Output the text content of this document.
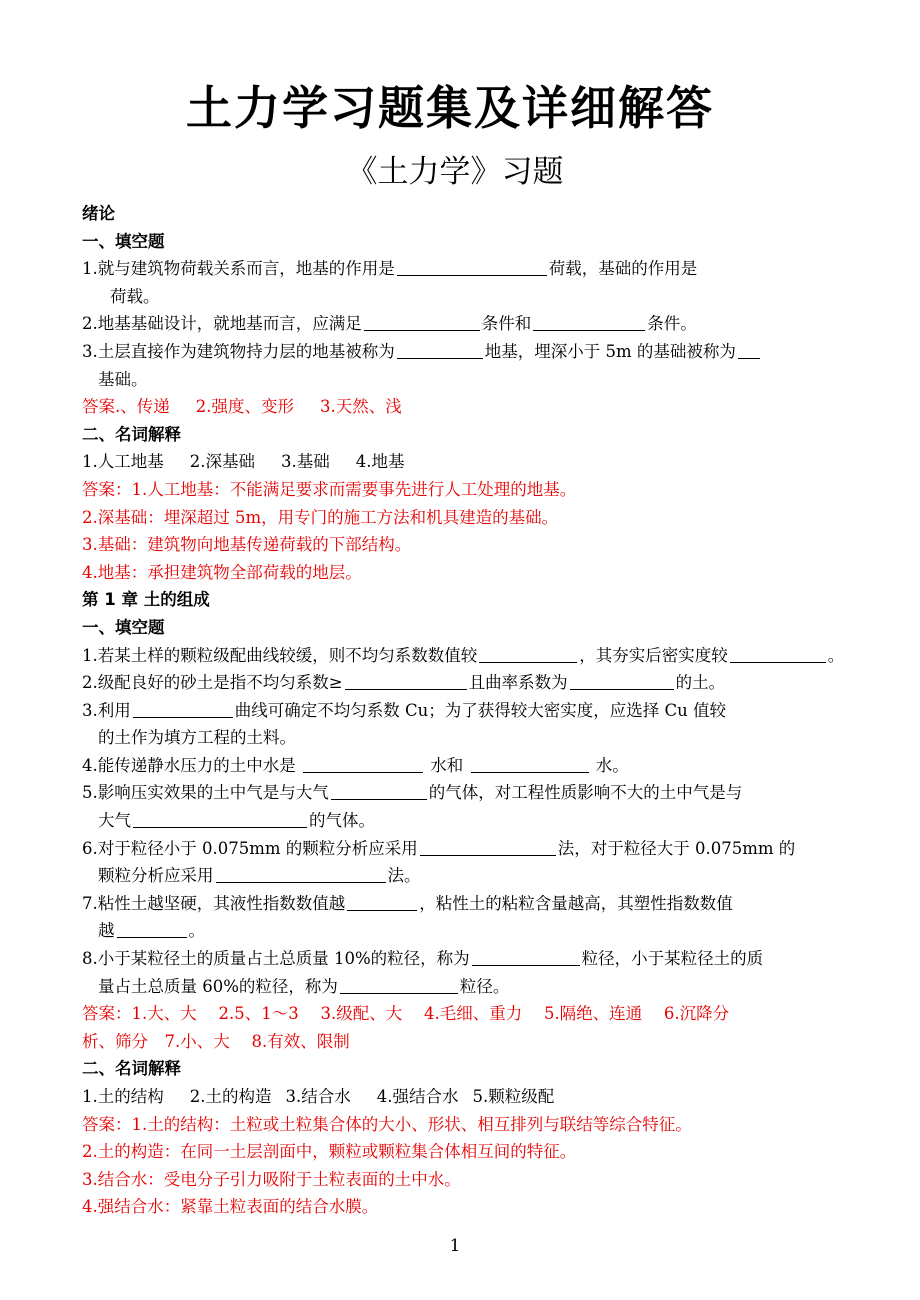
土力学习题集及详细解答
《土力学》习题
绪论
一、填空题
1.就与建筑物荷载关系而言，地基的作用是	荷载，基础的作用是
荷载。
2.地基基础设计，就地基而言，应满足	条件和	条件。
3.土层直接作为建筑物持力层的地基被称为	地基，埋深小于 5m 的基础被称为
基础。
答案.、传递 2.强度、变形 3.天然、浅
二、名词解释
1.人工地基 2.深基础 3.基础 4.地基
答案：1.人工地基：不能满足要求而需要事先进行人工处理的地基。
2.深基础：埋深超过 5m，用专门的施工方法和机具建造的基础。
3.基础：建筑物向地基传递荷载的下部结构。
4.地基：承担建筑物全部荷载的地层。
第 1 章 土的组成
一、填空题
1.若某土样的颗粒级配曲线较缓，则不均匀系数数值较	，其夯实后密实度较	。
2.级配良好的砂土是指不均匀系数≥	且曲率系数为	的土。
3.利用	曲线可确定不均匀系数 Cu；为了获得较大密实度，应选择 Cu 值较
的土作为填方工程的土料。
4.能传递静水压力的土中水是	水和	水。
5.影响压实效果的土中气是与大气	的气体，对工程性质影响不大的土中气是与
大气	的气体。
6.对于粒径小于 0.075mm 的颗粒分析应采用	法，对于粒径大于 0.075mm 的
颗粒分析应采用	法。
7.粘性土越坚硬，其液性指数数值越	，粘性土的粘粒含量越高，其塑性指数数值
越	。
8.小于某粒径土的质量占土总质量 10%的粒径，称为	粒径，小于某粒径土的质
量占土总质量 60%的粒径，称为	粒径。
答案：1.大、大　 2.5、1～3　 3.级配、大　 4.毛细、重力　 5.隔绝、连通　 6.沉降分
析、筛分　7.小、大　 8.有效、限制
二、名词解释
1.土的结构 2.土的构造 3.结合水 4.强结合水 5.颗粒级配
答案：1.土的结构：土粒或土粒集合体的大小、形状、相互排列与联结等综合特征。
2.土的构造：在同一土层剖面中，颗粒或颗粒集合体相互间的特征。
3.结合水：受电分子引力吸附于土粒表面的土中水。
4.强结合水：紧靠土粒表面的结合水膜。
1
